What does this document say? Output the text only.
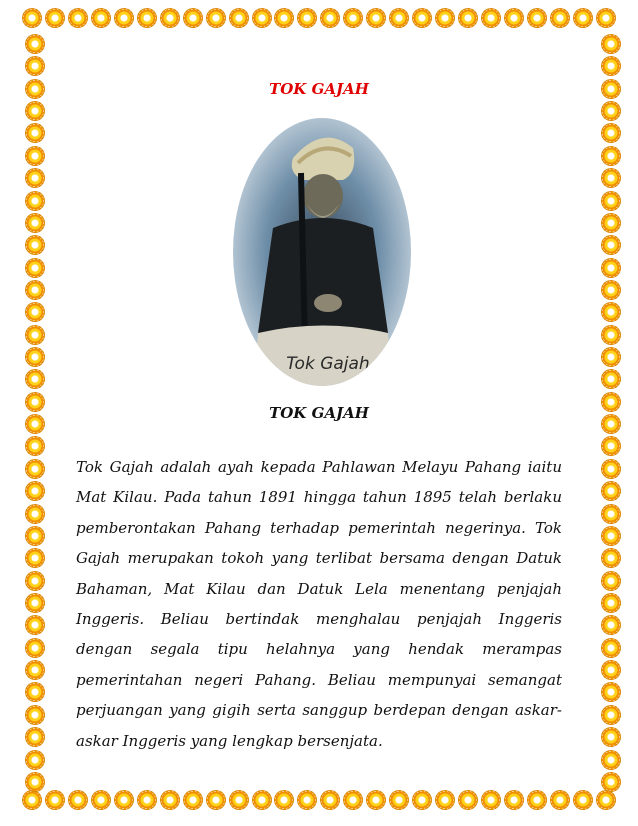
TOK GAJAH
Tok Gajah
TOK GAJAH

Tok Gajah adalah ayah kepada Pahlawan Melayu Pahang iaitu Mat Kilau. Pada tahun 1891 hingga tahun 1895 telah berlaku pemberontakan Pahang terhadap pemerintah negerinya. Tok Gajah merupakan tokoh yang terlibat bersama dengan Datuk Bahaman, Mat Kilau dan Datuk Lela menentang penjajah Inggeris. Beliau bertindak menghalau penjajah Inggeris dengan segala tipu helahnya yang hendak merampas pemerintahan negeri Pahang. Beliau mempunyai semangat perjuangan yang gigih serta sanggup berdepan dengan askar-askar Inggeris yang lengkap bersenjata.
